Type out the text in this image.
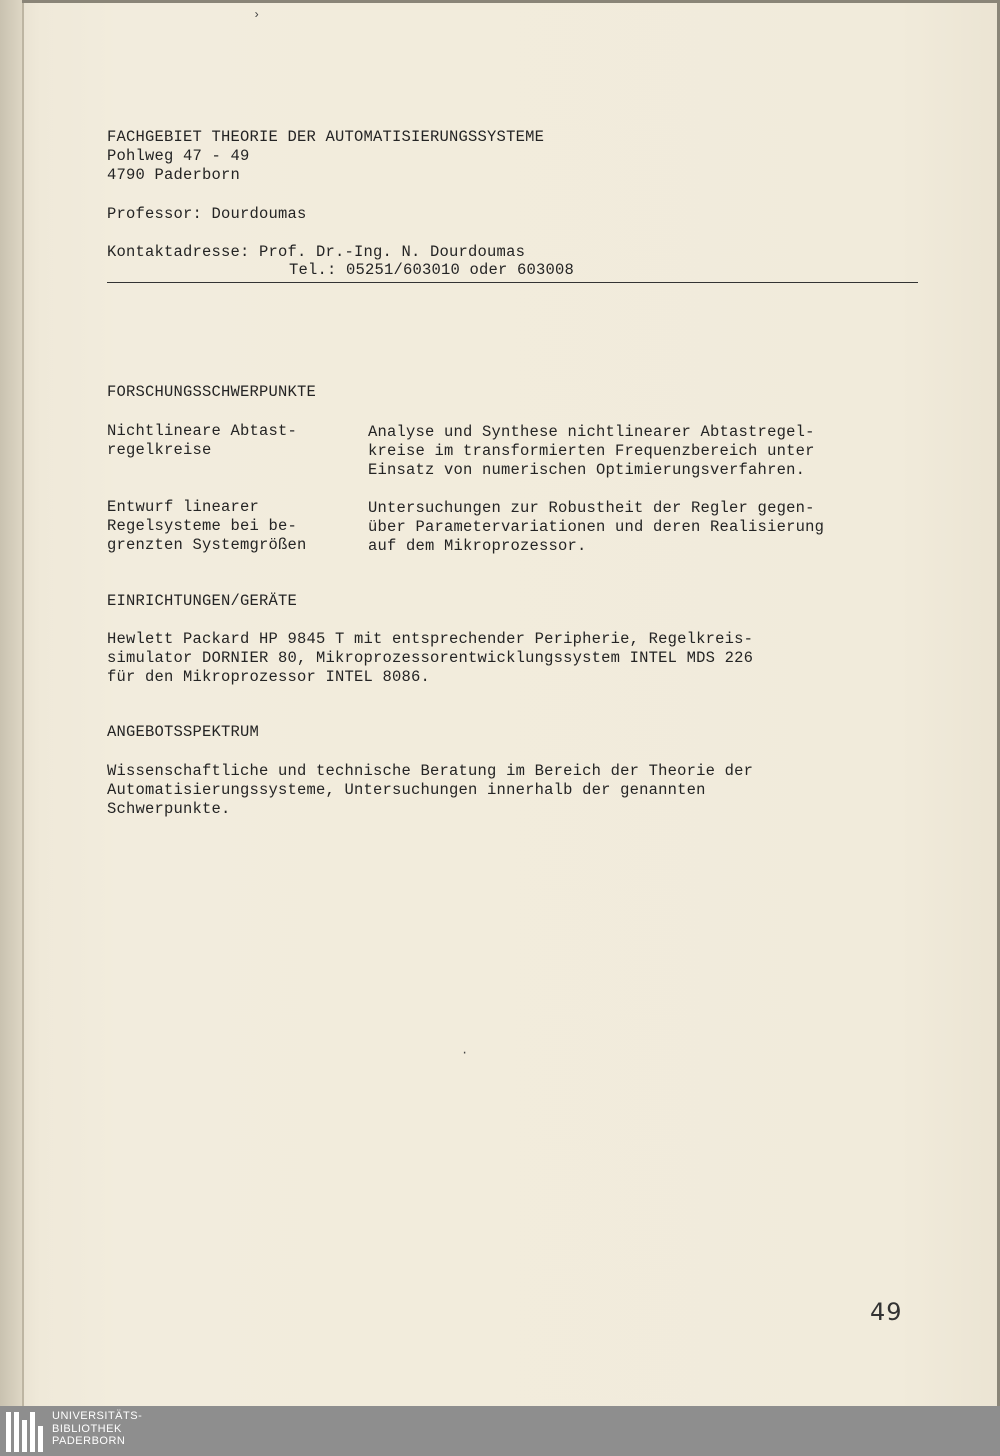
›
FACHGEBIET THEORIE DER AUTOMATISIERUNGSSYSTEME
Pohlweg 47 - 49
4790 Paderborn
Professor: Dourdoumas
Kontaktadresse: Prof. Dr.-Ing. N. Dourdoumas
Tel.: 05251/603010 oder 603008
FORSCHUNGSSCHWERPUNKTE
Nichtlineare Abtast-
regelkreise
Analyse und Synthese nichtlinearer Abtastregel-
kreise im transformierten Frequenzbereich unter
Einsatz von numerischen Optimierungsverfahren.
Entwurf linearer
Regelsysteme bei be-
grenzten Systemgrößen
Untersuchungen zur Robustheit der Regler gegen-
über Parametervariationen und deren Realisierung
auf dem Mikroprozessor.
EINRICHTUNGEN/GERÄTE
Hewlett Packard HP 9845 T mit entsprechender Peripherie, Regelkreis-
simulator DORNIER 80, Mikroprozessorentwicklungssystem INTEL MDS 226
für den Mikroprozessor INTEL 8086.
ANGEBOTSSPEKTRUM
Wissenschaftliche und technische Beratung im Bereich der Theorie der
Automatisierungssysteme, Untersuchungen innerhalb der genannten
Schwerpunkte.
·
49
UNIVERSITÄTS-
BIBLIOTHEK
PADERBORN
